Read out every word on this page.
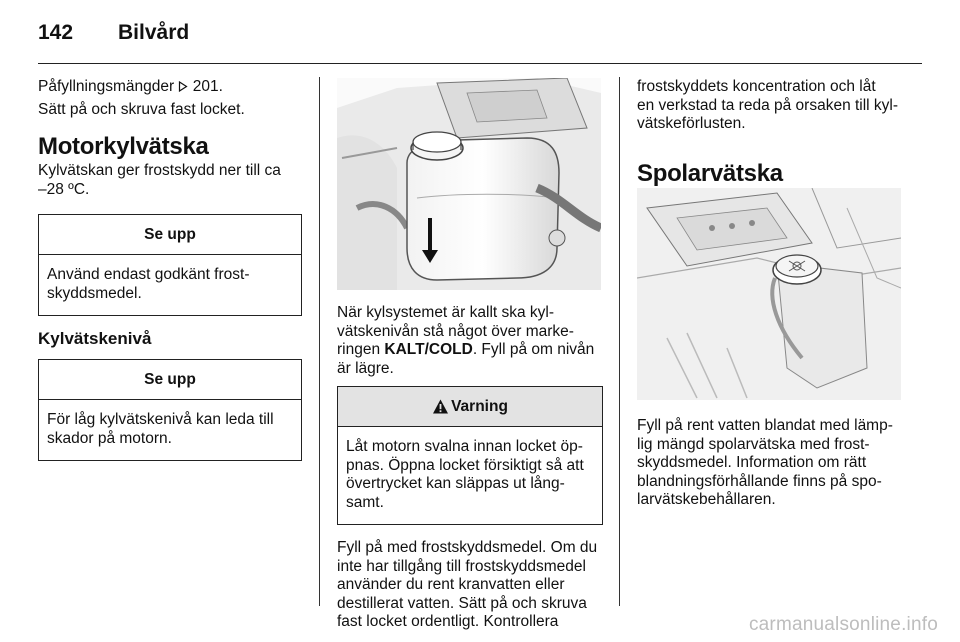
142	Bilvård

Påfyllningsmängder 201.

Sätt på och skruva fast locket.

Motorkylvätska

Kylvätskan ger frostskydd ner till ca
–28 ºC.

Se upp
Använd endast godkänt frost-
skyddsmedel.
Kylvätskenivå
Se upp
För låg kylvätskenivå kan leda till
skador på motorn.

När kylsystemet är kallt ska kyl-
vätskenivån stå något över marke-
ringen KALT/COLD. Fyll på om nivån
är lägre.

Varning
Låt motorn svalna innan locket öp-
pnas. Öppna locket försiktigt så att
övertrycket kan släppas ut lång-
samt.

Fyll på med frostskyddsmedel. Om du
inte har tillgång till frostskyddsmedel
använder du rent kranvatten eller
destillerat vatten. Sätt på och skruva
fast locket ordentligt. Kontrollera

frostskyddets koncentration och låt
en verkstad ta reda på orsaken till kyl-
vätskeförlusten.

Spolarvätska

Fyll på rent vatten blandat med lämp-
lig mängd spolarvätska med frost-
skyddsmedel. Information om rätt
blandningsförhållande finns på spo-
larvätskebehållaren.

carmanualsonline.info
